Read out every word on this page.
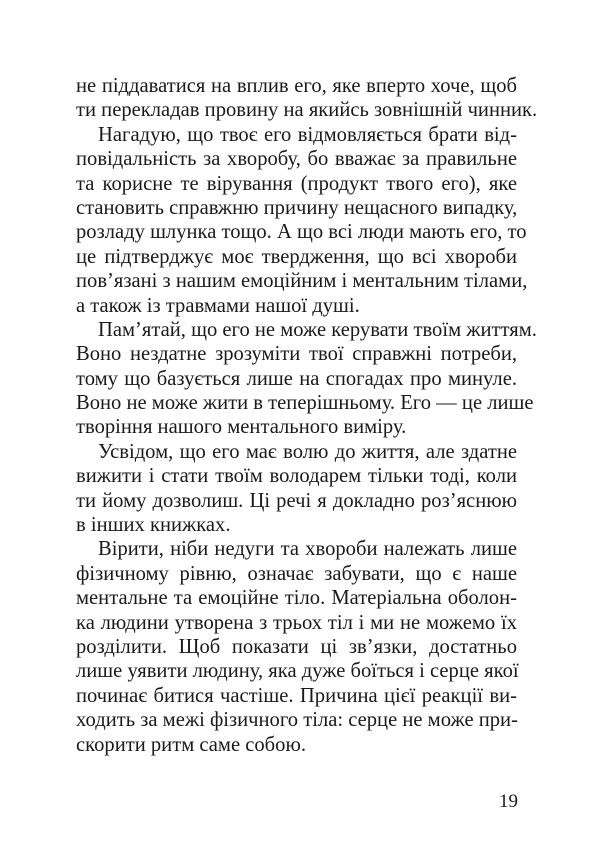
не піддаватися на вплив его, яке вперто хоче, щоб
ти перекладав провину на якийсь зовнішній чинник.
Нагадую, що твоє его відмовляється брати від-
повідальність за хворобу, бо вважає за правильне
та корисне те вірування (продукт твого его), яке
становить справжню причину нещасного випадку,
розладу шлунка тощо. А що всі люди мають его, то
це підтверджує моє твердження, що всі хвороби
пов’язані з нашим емоційним і ментальним тілами,
а також із травмами нашої душі.
Пам’ятай, що его не може керувати твоїм життям.
Воно нездатне зрозуміти твої справжні потреби,
тому що базується лише на спогадах про минуле.
Воно не може жити в теперішньому. Его — це лише
творіння нашого ментального виміру.
Усвідом, що его має волю до життя, але здатне
вижити і стати твоїм володарем тільки тоді, коли
ти йому дозволиш. Ці речі я докладно роз’яснюю
в інших книжках.
Вірити, ніби недуги та хвороби належать лише
фізичному рівню, означає забувати, що є наше
ментальне та емоційне тіло. Матеріальна оболон-
ка людини утворена з трьох тіл і ми не можемо їх
розділити. Щоб показати ці зв’язки, достатньо
лише уявити людину, яка дуже боїться і серце якої
починає битися частіше. Причина цієї реакції ви-
ходить за межі фізичного тіла: серце не може при-
скорити ритм саме собою.
19
